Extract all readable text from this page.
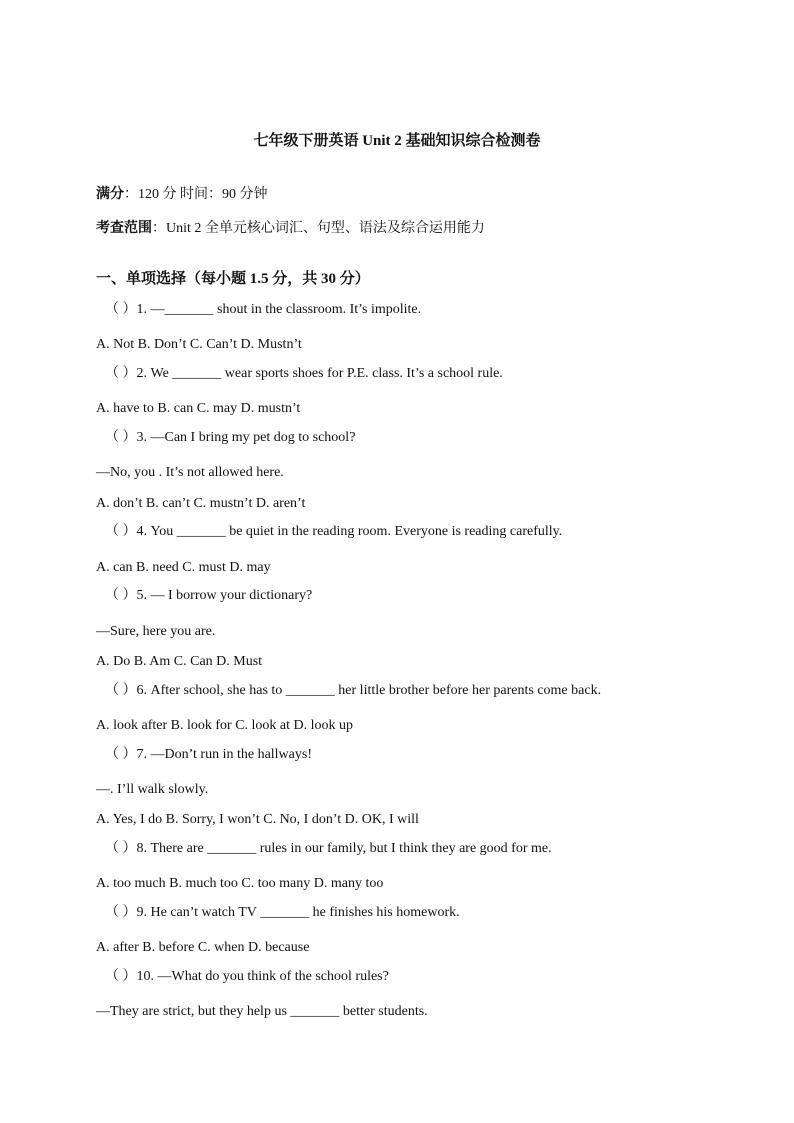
七年级下册英语 Unit 2 基础知识综合检测卷
满分：120 分 时间：90 分钟
考查范围：Unit 2 全单元核心词汇、句型、语法及综合运用能力
一、单项选择（每小题 1.5 分，共 30 分）
（ ）1. —_______ shout in the classroom. It’s impolite.
A. Not B. Don’t C. Can’t D. Mustn’t
（ ）2. We _______ wear sports shoes for P.E. class. It’s a school rule.
A. have to B. can C. may D. mustn’t
（ ）3. —Can I bring my pet dog to school?
—No, you . It’s not allowed here.
A. don’t B. can’t C. mustn’t D. aren’t
（ ）4. You _______ be quiet in the reading room. Everyone is reading carefully.
A. can B. need C. must D. may
（ ）5. — I borrow your dictionary?
—Sure, here you are.
A. Do B. Am C. Can D. Must
（ ）6. After school, she has to _______ her little brother before her parents come back.
A. look after B. look for C. look at D. look up
（ ）7. —Don’t run in the hallways!
—. I’ll walk slowly.
A. Yes, I do B. Sorry, I won’t C. No, I don’t D. OK, I will
（ ）8. There are _______ rules in our family, but I think they are good for me.
A. too much B. much too C. too many D. many too
（ ）9. He can’t watch TV _______ he finishes his homework.
A. after B. before C. when D. because
（ ）10. —What do you think of the school rules?
—They are strict, but they help us _______ better students.
